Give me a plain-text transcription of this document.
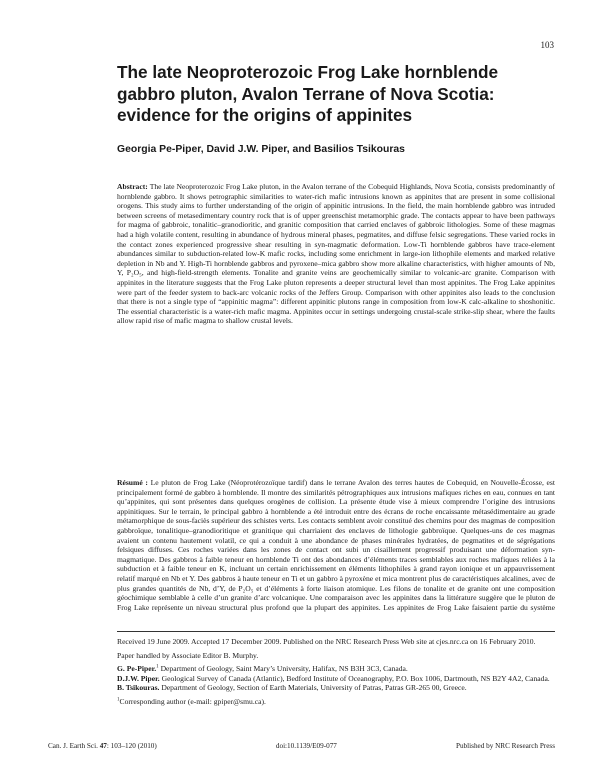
103
The late Neoproterozoic Frog Lake hornblende gabbro pluton, Avalon Terrane of Nova Scotia: evidence for the origins of appinites
Georgia Pe-Piper, David J.W. Piper, and Basilios Tsikouras

Abstract: The late Neoproterozoic Frog Lake pluton, in the Avalon terrane of the Cobequid Highlands, Nova Scotia, consists predominantly of hornblende gabbro. It shows petrographic similarities to water-rich mafic intrusions known as appinites that are present in some collisional orogens. This study aims to further understanding of the origin of appinitic intrusions. In the field, the main hornblende gabbro was intruded between screens of metasedimentary country rock that is of upper greenschist metamorphic grade. The contacts appear to have been pathways for magma of gabbroic, tonalitic–granodioritic, and granitic composition that carried enclaves of gabbroic lithologies. Some of these magmas had a high volatile content, resulting in abundance of hydrous mineral phases, pegmatites, and diffuse felsic segregations. These varied rocks in the contact zones experienced progressive shear resulting in syn-magmatic deformation. Low-Ti hornblende gabbros have trace-element abundances similar to subduction-related low-K mafic rocks, including some enrichment in large-ion lithophile elements and marked relative depletion in Nb and Y. High-Ti hornblende gabbros and pyroxene–mica gabbro show more alkaline characteristics, with higher amounts of Nb, Y, P₂O₅, and high-field-strength elements. Tonalite and granite veins are geochemically similar to volcanic-arc granite. Comparison with appinites in the literature suggests that the Frog Lake pluton represents a deeper structural level than most appinites. The Frog Lake appinites were part of the feeder system to back-arc volcanic rocks of the Jeffers Group. Comparison with other appinites also leads to the conclusion that there is not a single type of “appinitic magma”: different appinitic plutons range in composition from low-K calc-alkaline to shoshonitic. The essential characteristic is a water-rich mafic magma. Appinites occur in settings undergoing crustal-scale strike-slip shear, where the faults allow rapid rise of mafic magma to shallow crustal levels.

Résumé : Le pluton de Frog Lake (Néoprotérozoïque tardif) dans le terrane Avalon des terres hautes de Cobequid, en Nouvelle-Écosse, est principalement formé de gabbro à hornblende. Il montre des similarités pétrographiques aux intrusions mafiques riches en eau, connues en tant qu’appinites, qui sont présentes dans quelques orogènes de collision. La présente étude vise à mieux comprendre l’origine des intrusions appinitiques. Sur le terrain, le principal gabbro à hornblende a été introduit entre des écrans de roche encaissante métasédimentaire au grade métamorphique de sous-faciès supérieur des schistes verts. Les contacts semblent avoir constitué des chemins pour des magmas de composition gabbroïque, tonalitique–granodioritique et granitique qui charriaient des enclaves de lithologie gabbroïque. Quelques-uns de ces magmas avaient un contenu hautement volatil, ce qui a conduit à une abondance de phases minérales hydratées, de pegmatites et de ségrégations felsiques diffuses. Ces roches variées dans les zones de contact ont subi un cisaillement progressif produisant une déformation syn-magmatique. Des gabbros à faible teneur en hornblende Ti ont des abondances d’éléments traces semblables aux roches mafiques reliées à la subduction et à faible teneur en K, incluant un certain enrichissement en éléments lithophiles à grand rayon ionique et un appauvrissement relatif marqué en Nb et Y. Des gabbros à haute teneur en Ti et un gabbro à pyroxène et mica montrent plus de caractéristiques alcalines, avec de plus grandes quantités de Nb, d’Y, de P₂O₅ et d’éléments à forte liaison atomique. Les filons de tonalite et de granite ont une composition géochimique semblable à celle d’un granite d’arc volcanique. Une comparaison avec les appinites dans la littérature suggère que le pluton de Frog Lake représente un niveau structural plus profond que la plupart des appinites. Les appinites de Frog Lake faisaient partie du système

Received 19 June 2009. Accepted 17 December 2009. Published on the NRC Research Press Web site at cjes.nrc.ca on 16 February 2010.

Paper handled by Associate Editor B. Murphy.

G. Pe-Piper.$^1$ Department of Geology, Saint Mary’s University, Halifax, NS B3H 3C3, Canada.

D.J.W. Piper. Geological Survey of Canada (Atlantic), Bedford Institute of Oceanography, P.O. Box 1006, Dartmouth, NS B2Y 4A2, Canada.

B. Tsikouras. Department of Geology, Section of Earth Materials, University of Patras, Patras GR-265 00, Greece.

$^1$Corresponding author (e-mail: gpiper@smu.ca).

Can. J. Earth Sci. 47: 103–120 (2010)	doi:10.1139/E09-077	Published by NRC Research Press
